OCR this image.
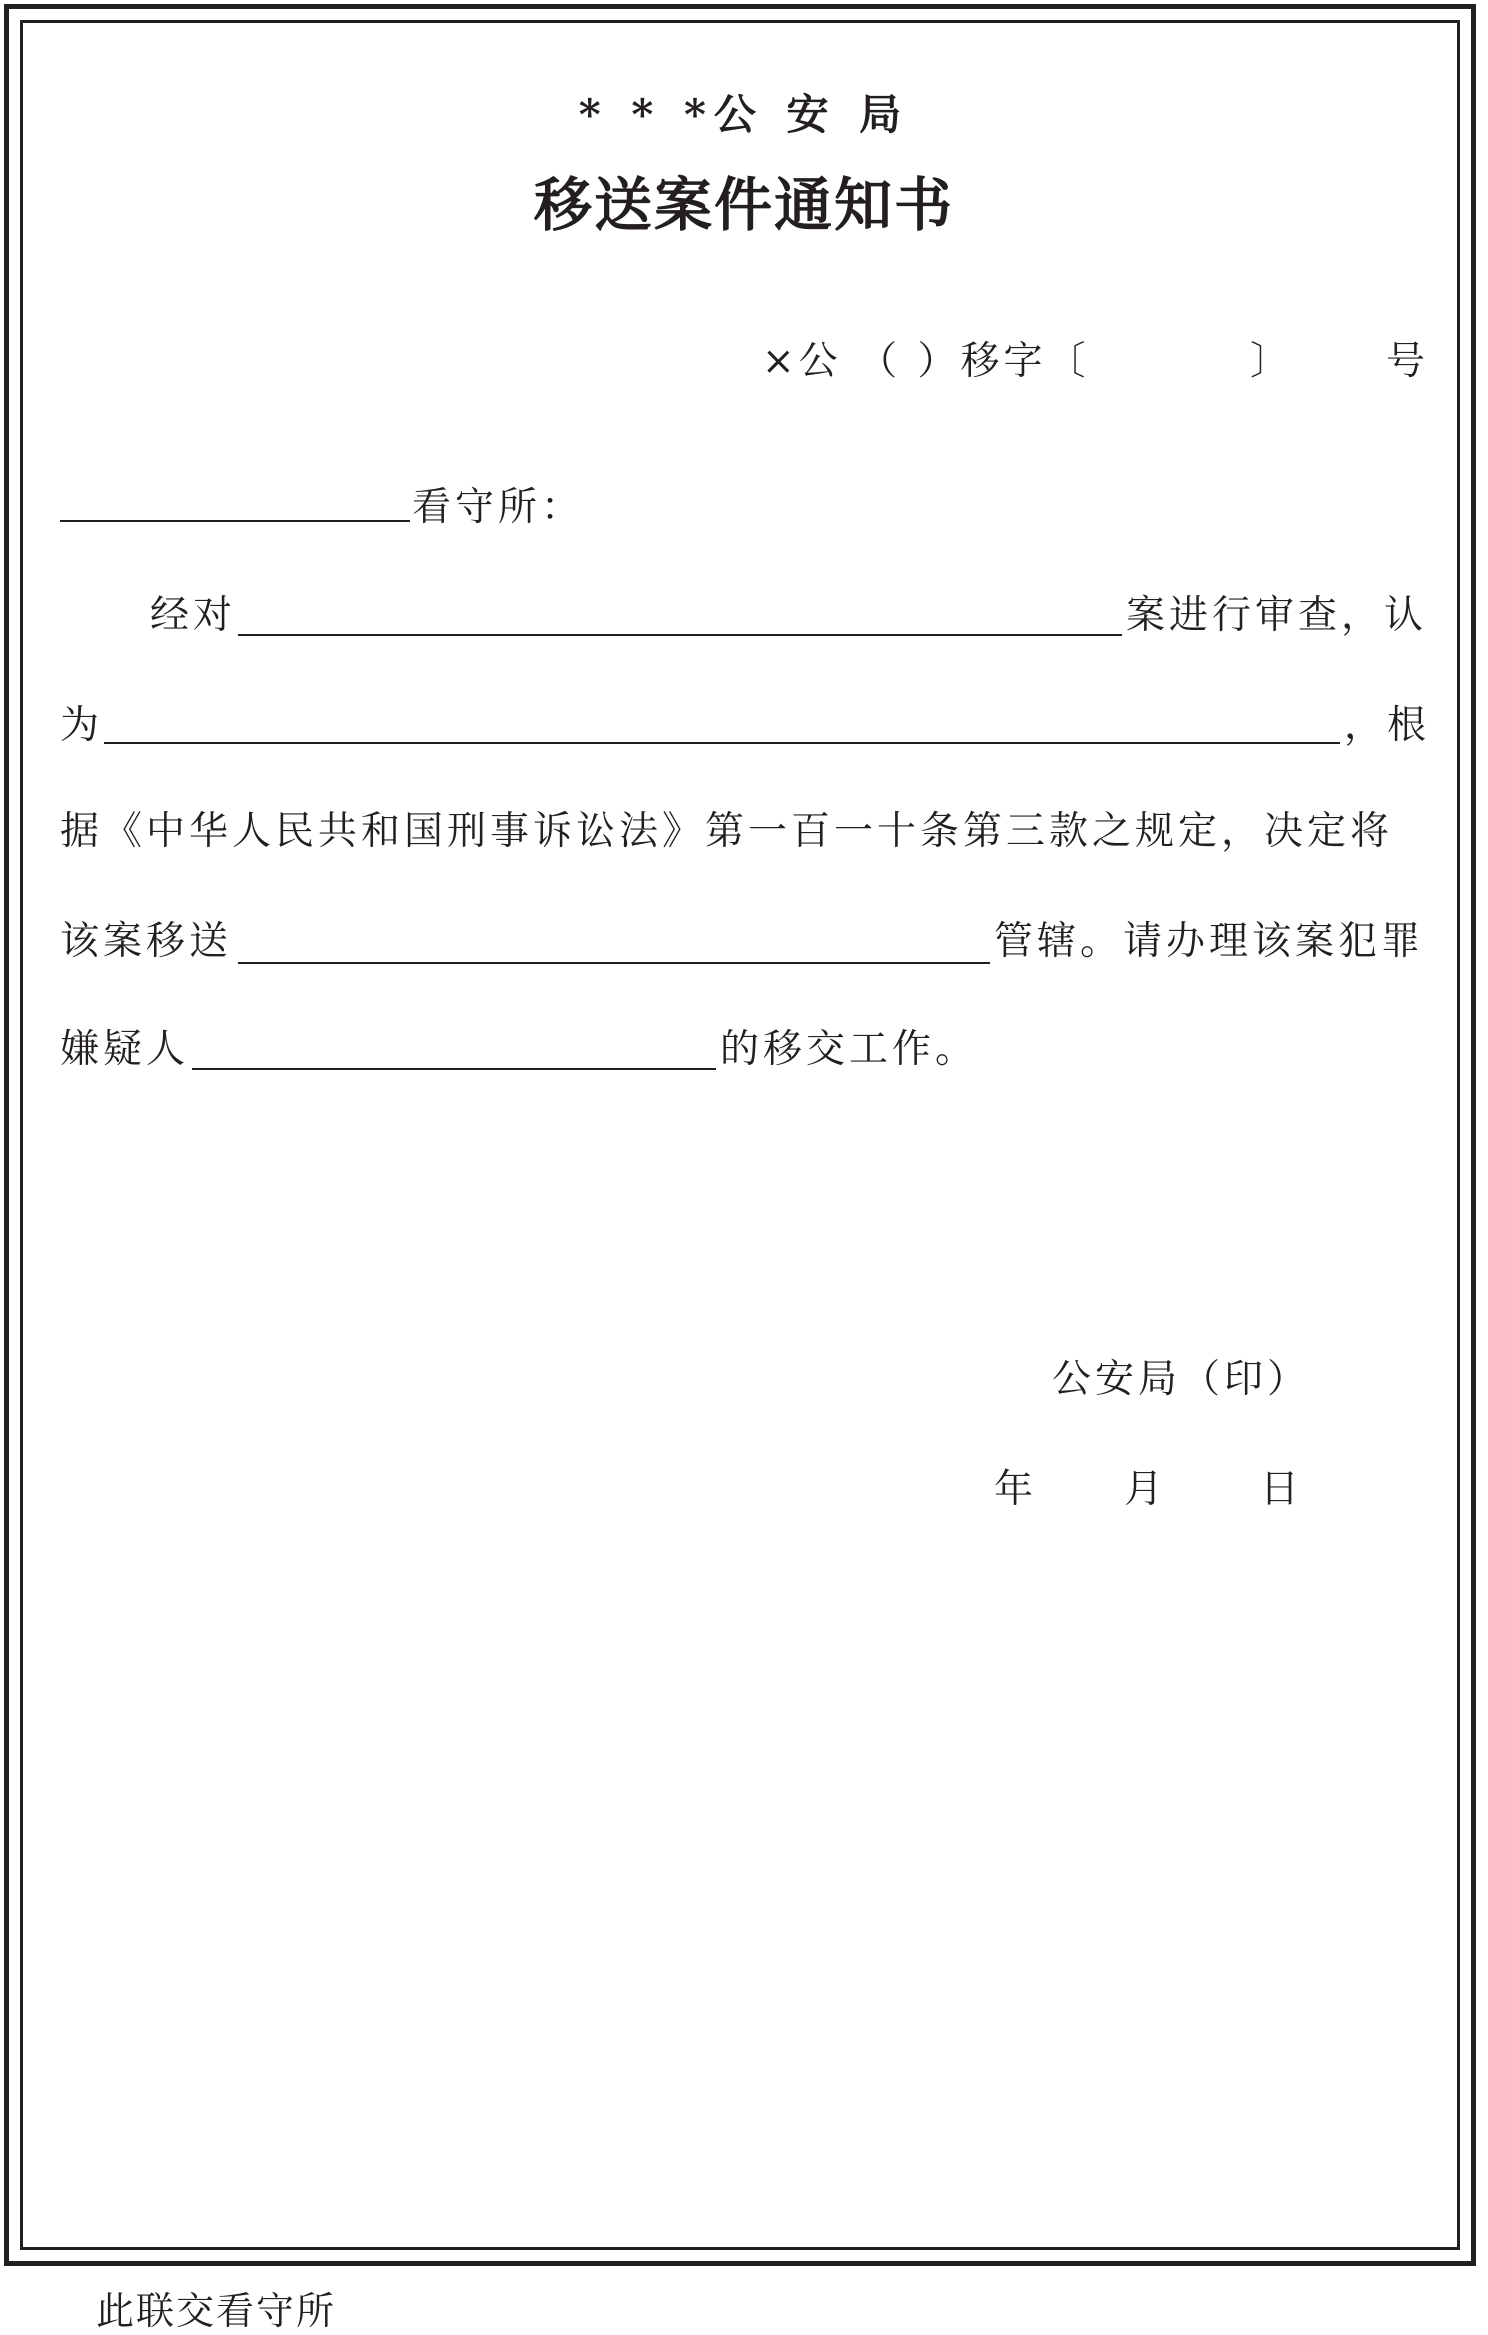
* * *公 安 局
移送案件通知书
×公 （ ）移字〔	〕 号
看守所：
经对	案进行审查，认
为	，根
据《中华人民共和国刑事诉讼法》第一百一十条第三款之规定，决定将
该案移送	管辖。请办理该案犯罪
嫌疑人	的移交工作。
公安局（印）
年 月 日
此联交看守所
